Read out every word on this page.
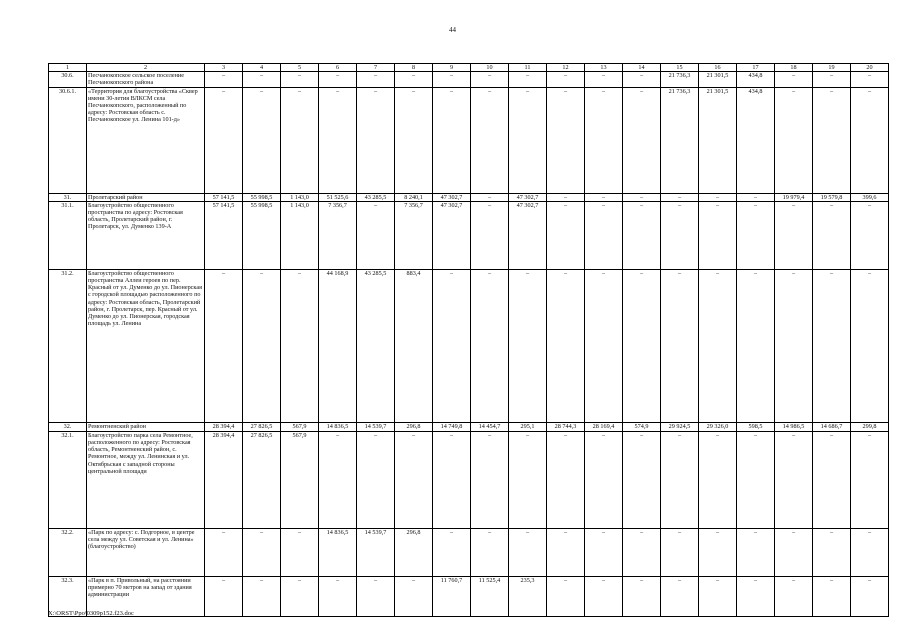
44
1	2	3	4	5	6	7	8	9	10	11	12	13	14	15	16	17	18	19	20
30.6.	Песчанокопское сельское поселение Песчанокопского района	–	–	–	–	–	–	–	–	–	–	–	–	21 736,3	21 301,5	434,8	–	–	–
30.6.1.	«Территория для благоустройства «Сквер имени 30-летия ВЛКСМ села Песчанокопского, расположенный по адресу: Ростовская область с. Песчанокопское ул. Ленина 101-д»	–	–	–	–	–	–	–	–	–	–	–	–	21 736,3	21 301,5	434,8	–	–	–
31.	Пролетарский район	57 141,5	55 998,5	1 143,0	51 525,6	43 285,5	8 240,1	47 302,7	–	47 302,7	–	–	–	–	–	–	19 979,4	19 579,8	399,6
31.1.	Благоустройство общественного пространства по адресу: Ростовская область, Пролетарский район, г. Пролетарск, ул. Думенко 139-А	57 141,5	55 998,5	1 143,0	7 356,7	–	7 356,7	47 302,7	–	47 302,7	–	–	–	–	–	–	–	–	–
31.2.	Благоустройство общественного пространства Аллеи героев по пер. Красный от ул. Думенко до ул. Пионерская с городской площадью расположенного по адресу: Ростовская область, Пролетарский район, г. Пролетарск, пер. Красный от ул. Думенко до ул. Пионерская, городская площадь ул. Ленина	–	–	–	44 168,9	43 285,5	883,4	–	–	–	–	–	–	–	–	–	–	–	–
32.	Ремонтненский район	28 394,4	27 826,5	567,9	14 836,5	14 539,7	296,8	14 749,8	14 454,7	295,1	28 744,3	28 169,4	574,9	29 924,5	29 326,0	598,5	14 986,5	14 686,7	299,8
32.1.	Благоустройство парка села Ремонтное, расположенного по адресу: Ростовская область, Ремонтненский район, с. Ремонтное, между ул. Ленинская и ул. Октябрьская с западной стороны центральной площади	28 394,4	27 826,5	567,9	–	–	–	–	–	–	–	–	–	–	–	–	–	–	–
32.2.	«Парк по адресу: с. Подгорное, в центре села между ул. Советская и ул. Ленина» (благоустройство)	–	–	–	14 836,5	14 539,7	296,8	–	–	–	–	–	–	–	–	–	–	–	–
32.3.	«Парк в п. Привольный, на расстоянии примерно 70 метров на запад от здания администрации	–	–	–	–	–	–	11 760,7	11 525,4	235,3	–	–	–	–	–	–	–	–	–
X:\ORST\Ppo\0309p152.f23.doc
